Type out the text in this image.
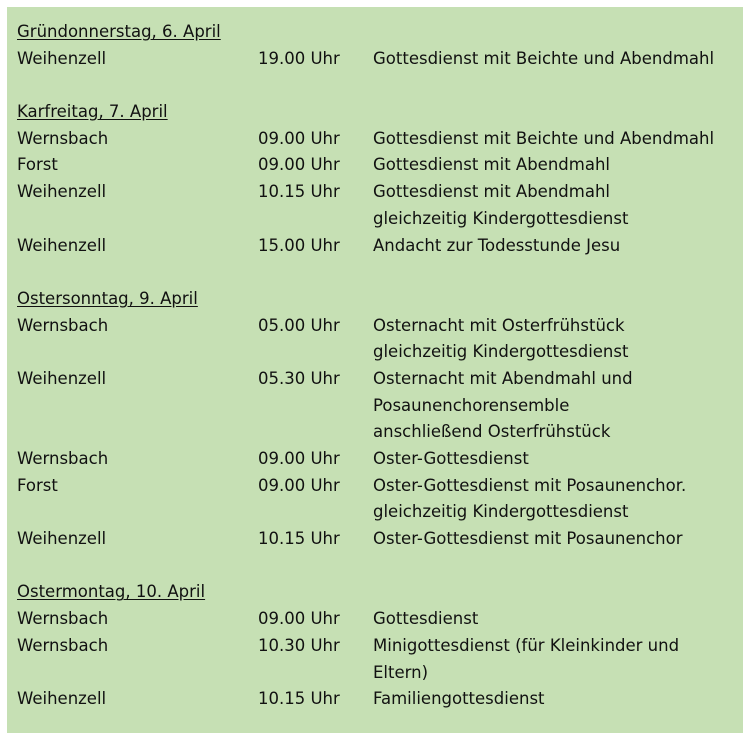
Gründonnerstag, 6. April
Weihenzell	19.00 Uhr	Gottesdienst mit Beichte und Abendmahl
Karfreitag, 7. April
Wernsbach	09.00 Uhr	Gottesdienst mit Beichte und Abendmahl
Forst	09.00 Uhr	Gottesdienst mit Abendmahl
Weihenzell	10.15 Uhr	Gottesdienst mit Abendmahl
gleichzeitig Kindergottesdienst
Weihenzell	15.00 Uhr	Andacht zur Todesstunde Jesu
Ostersonntag, 9. April
Wernsbach	05.00 Uhr	Osternacht mit Osterfrühstück
gleichzeitig Kindergottesdienst
Weihenzell	05.30 Uhr	Osternacht mit Abendmahl und
Posaunenchorensemble
anschließend Osterfrühstück
Wernsbach	09.00 Uhr	Oster-Gottesdienst
Forst	09.00 Uhr	Oster-Gottesdienst mit Posaunenchor.
gleichzeitig Kindergottesdienst
Weihenzell	10.15 Uhr	Oster-Gottesdienst mit Posaunenchor
Ostermontag, 10. April
Wernsbach	09.00 Uhr	Gottesdienst
Wernsbach	10.30 Uhr	Minigottesdienst (für Kleinkinder und
Eltern)
Weihenzell	10.15 Uhr	Familiengottesdienst
